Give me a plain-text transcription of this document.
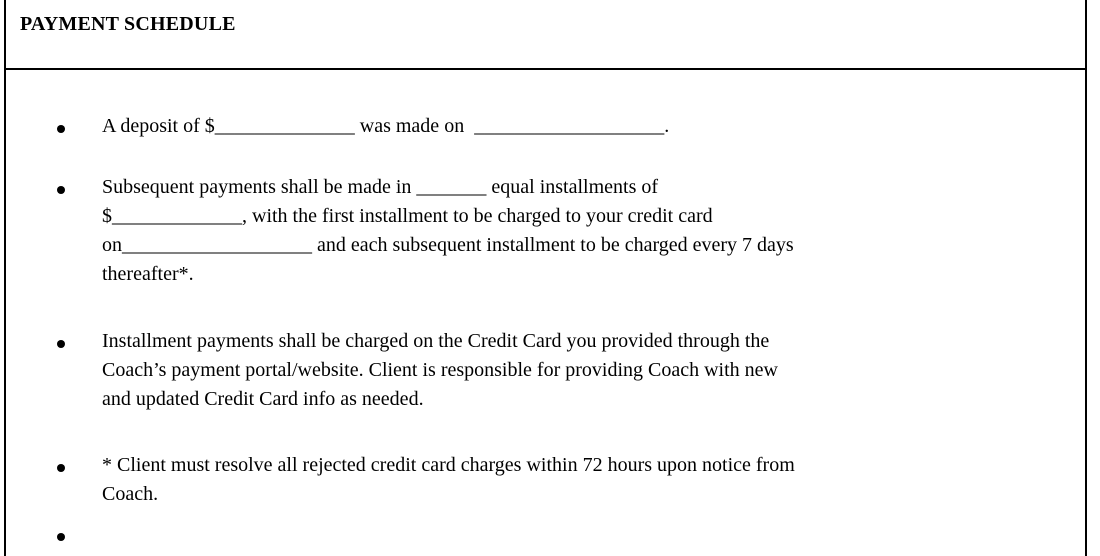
PAYMENT SCHEDULE
A deposit of $______________ was made on  ___________________.
Subsequent payments shall be made in _______ equal installments of
$_____________, with the first installment to be charged to your credit card
on___________________ and each subsequent installment to be charged every 7 days
thereafter*.
Installment payments shall be charged on the Credit Card you provided through the
Coach’s payment portal/website. Client is responsible for providing Coach with new
and updated Credit Card info as needed.
* Client must resolve all rejected credit card charges within 72 hours upon notice from
Coach.
